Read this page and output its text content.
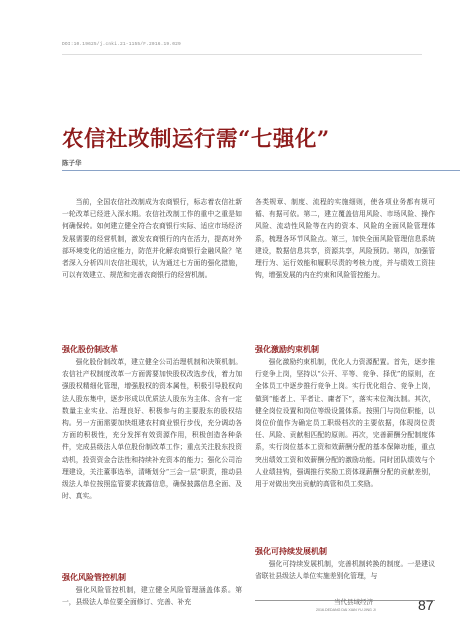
DOI:10.19625/j.cnki.21-1155/F.2016.19.029
农信社改制运行需“七强化”
陈子华

当前，全国农信社改制成为农商银行，标志着农信社新一轮改革已经进入深水期。农信社改制工作的重中之重是如何确保转。如何建立健全符合农商银行实际、适应市场经济发展需要的经营机制，激发农商银行的内在活力，提高对外部环境变化的适应能力，防范并化解农商银行金融风险？笔者深入分析四川农信社现状，认为通过七方面的强化措施，可以有效建立、规范和完善农商银行的经营机制。

强化股份制改革

强化股份制改革，建立健全公司治理机制和决策机制。农信社产权制度改革一方面需要加快股权改选步伐，着力加强股权精细化管理，增强股权的资本属性，积极引导股权向法人股东集中，逐步形成以优质法人股东为主体、含有一定数量主业实业、治理良好、积极参与的主要股东的股权结构。另一方面需要加快组建农村商业银行步伐，充分调动各方面的积极性，充分发挥有效资源作用，积极创造各种条件，完成县级法人单位股份制改革工作；重点关注股东投资动机，投资资金合法性和持续补充资本的能力；强化公司治理建设，关注董事选举，清晰划分“三会一层”职责，推动县级法人单位按照监管要求披露信息，确保披露信息全面、及时、真实。

强化风险管控机制

强化风险管控机制，建立健全风险管理涵盖体系。第一，县级法人单位要全面修订、完善、补充

各类规章、制度、流程的实施细则，使各项业务都有规可循、有据可依。第二，建立覆盖信用风险、市场风险、操作风险、流动性风险等在内的资本、风险的全面风险管理体系，梳理各环节风险点。第三，加快全面风险管理信息系统建设，数据信息共享，资源共享，风险预防。第四，加强管理行为、运行效能和履职尽责的考核力度，并与绩效工资挂钩，增强发展的内在约束和风险管控能力。

强化激励约束机制

强化激励约束机制，优化人力资源配置。首先，逐步推行竞争上岗，坚持以“公开、平等、竞争、择优”的原则，在全体员工中逐步推行竞争上岗。实行优化组合、竞争上岗，做到“能者上、平者让、庸者下”，落实末位淘汰制。其次，健全岗位设置和岗位等级设置体系。按照门与岗位职能，以岗位价值作为确定员工职级档次的主要依据，体现岗位责任、风险、贡献相匹配的原则。再次，完善薪酬分配制度体系，实行岗位基本工资和效薪酬分配的基本保障功能，重点突出绩效工资和效薪酬分配的激励功能。同时团队绩效与个人业绩挂钩，强调推行奖励工资体现薪酬分配的贡献差别，用于对做出突出贡献的高管和员工奖励。

强化可持续发展机制

强化可持续发展机制，完善机制转换的制度。一是建议省联社县级法人单位实施差别化管理，与

当代县域经济
2016.DEDANG DAI XIAN YU JING JI	87
